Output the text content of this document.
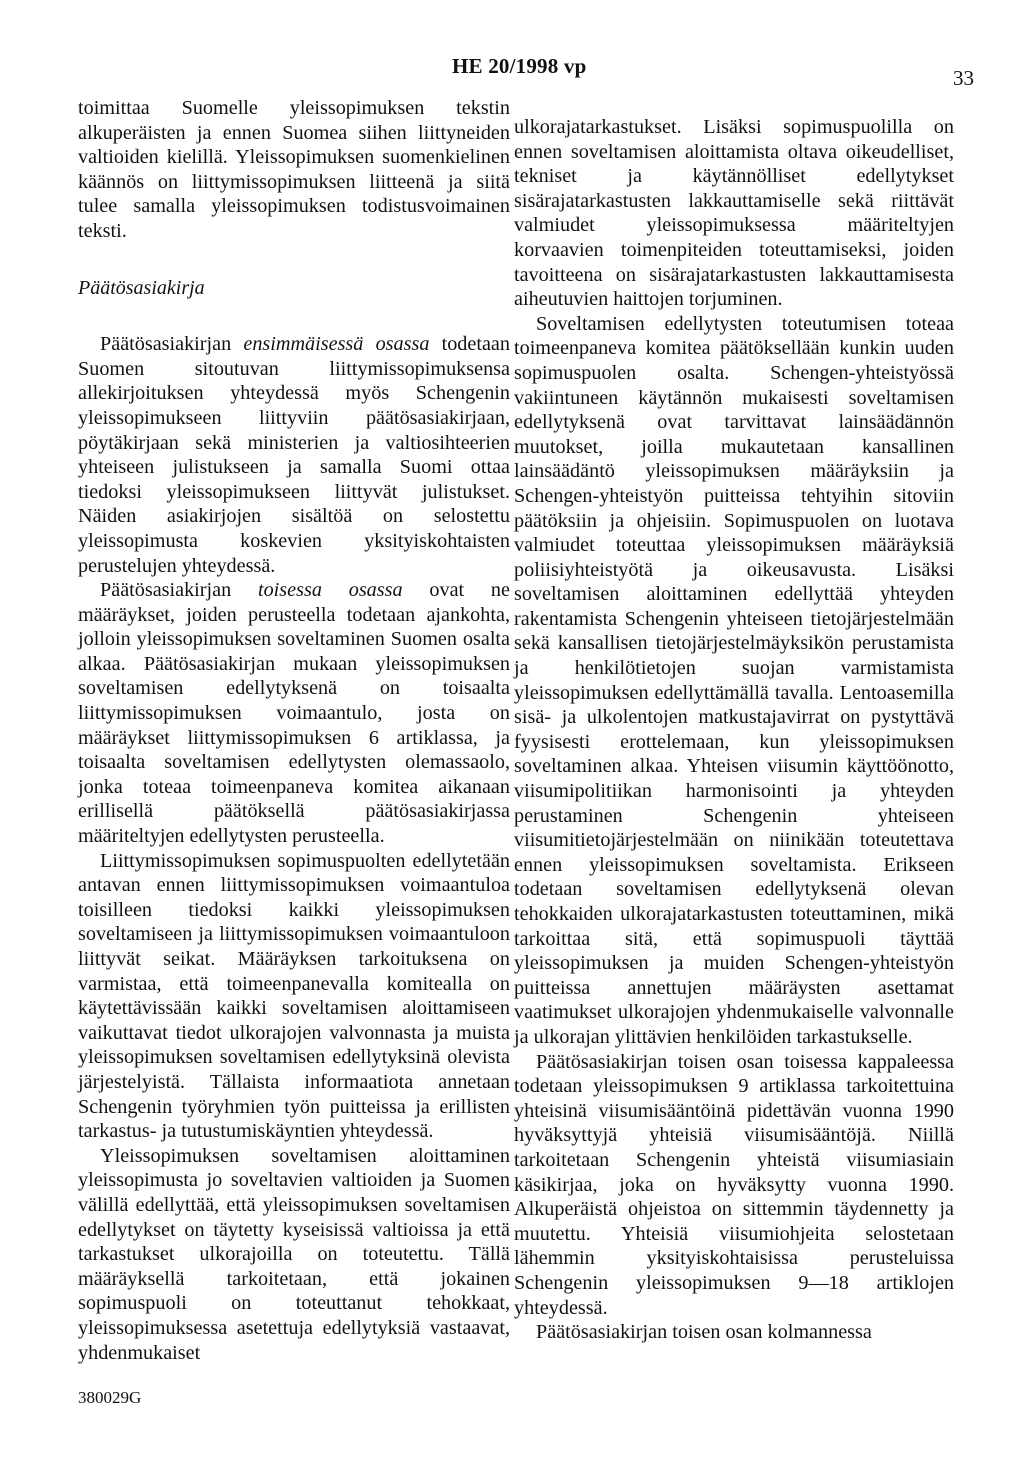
HE 20/1998 vp	33

toimittaa Suomelle yleissopimuksen tekstin alkuperäisten ja ennen Suomea siihen liittyneiden valtioiden kielillä. Yleissopimuksen suomenkielinen käännös on liittymissopimuksen liitteenä ja siitä tulee samalla yleissopimuksen todistusvoimainen teksti.

Päätösasiakirja

Päätösasiakirjan ensimmäisessä osassa todetaan Suomen sitoutuvan liittymissopimuksensa allekirjoituksen yhteydessä myös Schengenin yleissopimukseen liittyviin päätösasiakirjaan, pöytäkirjaan sekä ministerien ja valtiosihteerien yhteiseen julistukseen ja samalla Suomi ottaa tiedoksi yleissopimukseen liittyvät julistukset. Näiden asiakirjojen sisältöä on selostettu yleissopimusta koskevien yksityiskohtaisten perustelujen yhteydessä.

Päätösasiakirjan toisessa osassa ovat ne määräykset, joiden perusteella todetaan ajankohta, jolloin yleissopimuksen soveltaminen Suomen osalta alkaa. Päätösasiakirjan mukaan yleissopimuksen soveltamisen edellytyksenä on toisaalta liittymissopimuksen voimaantulo, josta on määräykset liittymissopimuksen 6 artiklassa, ja toisaalta soveltamisen edellytysten olemassaolo, jonka toteaa toimeenpaneva komitea aikanaan erillisellä päätöksellä päätösasiakirjassa määriteltyjen edellytysten perusteella.

Liittymissopimuksen sopimuspuolten edellytetään antavan ennen liittymissopimuksen voimaantuloa toisilleen tiedoksi kaikki yleissopimuksen soveltamiseen ja liittymissopimuksen voimaantuloon liittyvät seikat. Määräyksen tarkoituksena on varmistaa, että toimeenpanevalla komitealla on käytettävissään kaikki soveltamisen aloittamiseen vaikuttavat tiedot ulkorajojen valvonnasta ja muista yleissopimuksen soveltamisen edellytyksinä olevista järjestelyistä. Tällaista informaatiota annetaan Schengenin työryhmien työn puitteissa ja erillisten tarkastus- ja tutustumiskäyntien yhteydessä.

Yleissopimuksen soveltamisen aloittaminen yleissopimusta jo soveltavien valtioiden ja Suomen välillä edellyttää, että yleissopimuksen soveltamisen edellytykset on täytetty kyseisissä valtioissa ja että tarkastukset ulkorajoilla on toteutettu. Tällä määräyksellä tarkoitetaan, että jokainen sopimuspuoli on toteuttanut tehokkaat, yleissopimuksessa asetettuja edellytyksiä vastaavat, yhdenmukaiset

ulkorajatarkastukset. Lisäksi sopimuspuolilla on ennen soveltamisen aloittamista oltava oikeudelliset, tekniset ja käytännölliset edellytykset sisärajatarkastusten lakkauttamiselle sekä riittävät valmiudet yleissopimuksessa määriteltyjen korvaavien toimenpiteiden toteuttamiseksi, joiden tavoitteena on sisärajatarkastusten lakkauttamisesta aiheutuvien haittojen torjuminen.

Soveltamisen edellytysten toteutumisen toteaa toimeenpaneva komitea päätöksellään kunkin uuden sopimuspuolen osalta. Schengen-yhteistyössä vakiintuneen käytännön mukaisesti soveltamisen edellytyksenä ovat tarvittavat lainsäädännön muutokset, joilla mukautetaan kansallinen lainsäädäntö yleissopimuksen määräyksiin ja Schengen-yhteistyön puitteissa tehtyihin sitoviin päätöksiin ja ohjeisiin. Sopimuspuolen on luotava valmiudet toteuttaa yleissopimuksen määräyksiä poliisiyhteistyötä ja oikeusavusta. Lisäksi soveltamisen aloittaminen edellyttää yhteyden rakentamista Schengenin yhteiseen tietojärjestelmään sekä kansallisen tietojärjestelmäyksikön perustamista ja henkilötietojen suojan varmistamista yleissopimuksen edellyttämällä tavalla. Lentoasemilla sisä- ja ulkolentojen matkustajavirrat on pystyttävä fyysisesti erottelemaan, kun yleissopimuksen soveltaminen alkaa. Yhteisen viisumin käyttöönotto, viisumipolitiikan harmonisointi ja yhteyden perustaminen Schengenin yhteiseen viisumitietojärjestelmään on niinikään toteutettava ennen yleissopimuksen soveltamista. Erikseen todetaan soveltamisen edellytyksenä olevan tehokkaiden ulkorajatarkastusten toteuttaminen, mikä tarkoittaa sitä, että sopimuspuoli täyttää yleissopimuksen ja muiden Schengen-yhteistyön puitteissa annettujen määräysten asettamat vaatimukset ulkorajojen yhdenmukaiselle valvonnalle ja ulkorajan ylittävien henkilöiden tarkastukselle.

Päätösasiakirjan toisen osan toisessa kappaleessa todetaan yleissopimuksen 9 artiklassa tarkoitettuina yhteisinä viisumisääntöinä pidettävän vuonna 1990 hyväksyttyjä yhteisiä viisumisääntöjä. Niillä tarkoitetaan Schengenin yhteistä viisumiasiain käsikirjaa, joka on hyväksytty vuonna 1990. Alkuperäistä ohjeistoa on sittemmin täydennetty ja muutettu. Yhteisiä viisumiohjeita selostetaan lähemmin yksityiskohtaisissa perusteluissa Schengenin yleissopimuksen 9—18 artiklojen yhteydessä.

Päätösasiakirjan toisen osan kolmannessa

380029G
